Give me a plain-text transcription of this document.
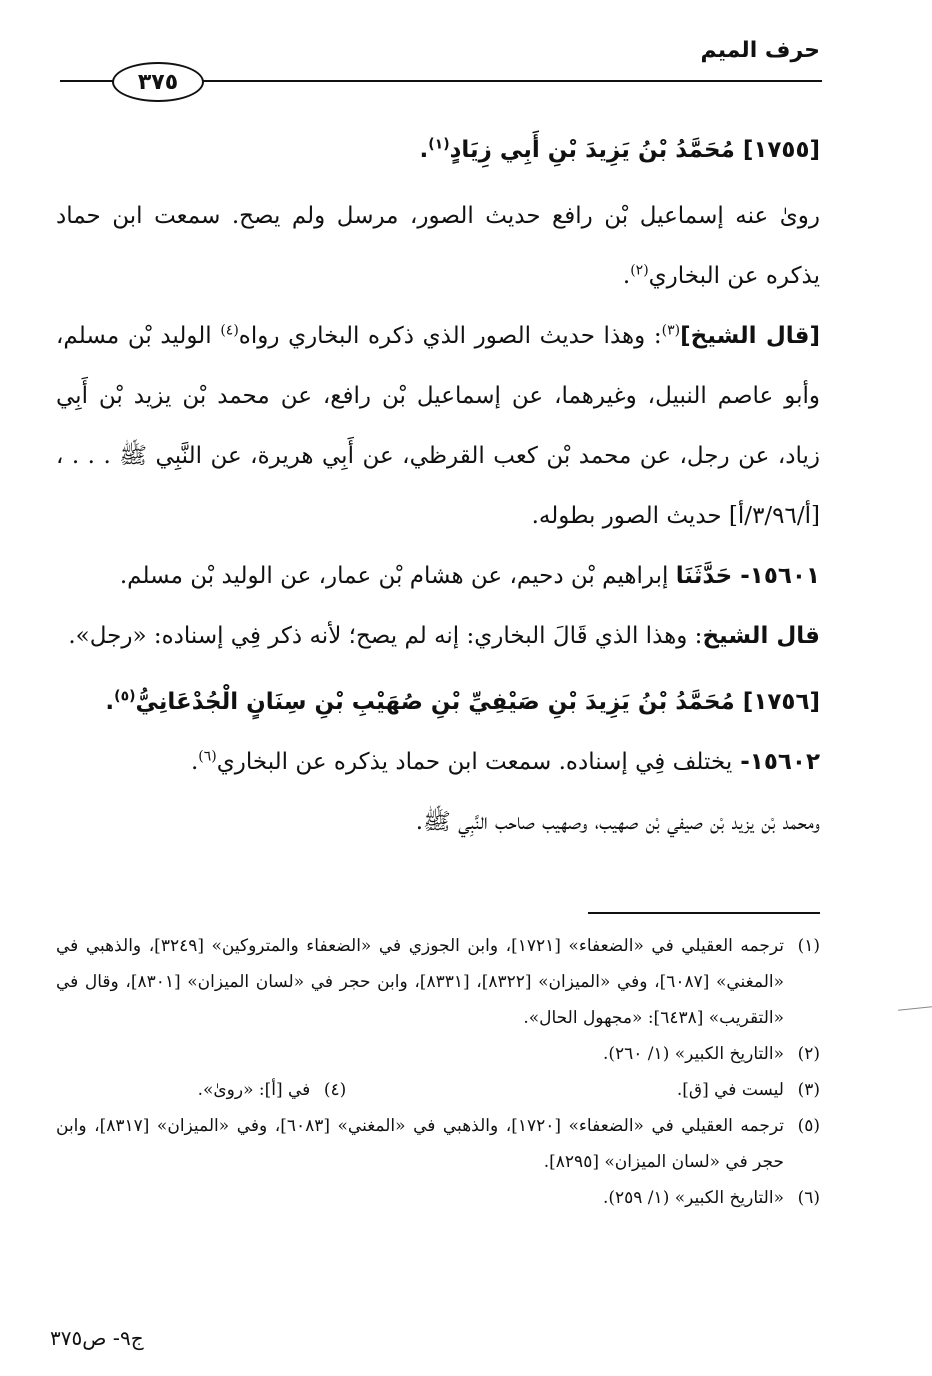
حرف الميم
٣٧٥

[١٧٥٥] مُحَمَّدُ بْنُ يَزِيدَ بْنِ أَبِي زِيَادٍ$^{(١)}$.

روىٰ عنه إسماعيل بْن رافع حديث الصور، مرسل ولم يصح. سمعت ابن حماد يذكره عن البخاري$^{(٢)}$.

[قال الشيخ]$^{(٣)}$: وهذا حديث الصور الذي ذكره البخاري رواه$^{(٤)}$ الوليد بْن مسلم، وأبو عاصم النبيل، وغيرهما، عن إسماعيل بْن رافع، عن محمد بْن يزيد بْن أَبِي زياد، عن رجل، عن محمد بْن كعب القرظي، عن أَبِي هريرة، عن النَّبِي ﷺ . . . ، [أ/٣/٩٦/أ] حديث الصور بطوله.

١٥٦٠١- حَدَّثَنَا إبراهيم بْن دحيم، عن هشام بْن عمار، عن الوليد بْن مسلم.

قال الشيخ: وهذا الذي قَالَ البخاري: إنه لم يصح؛ لأنه ذكر فِي إسناده: «رجل».

[١٧٥٦] مُحَمَّدُ بْنُ يَزِيدَ بْنِ صَيْفِيِّ بْنِ صُهَيْبِ بْنِ سِنَانٍ الْجُدْعَانِيُّ$^{(٥)}$.

١٥٦٠٢- يختلف فِي إسناده. سمعت ابن حماد يذكره عن البخاري$^{(٦)}$.

ومحمد بْن يزيد بْن صيفي بْن صهيب، وصهيب صاحب النَّبِي ﷺ.

(١)
ترجمه العقيلي في «الضعفاء» [١٧٢١]، وابن الجوزي في «الضعفاء والمتروكين» [٣٢٤٩]، والذهبي في «المغني» [٦٠٨٧]، وفي «الميزان» [٨٣٢٢]، [٨٣٣١]، وابن حجر في «لسان الميزان» [٨٣٠١]، وقال في «التقريب» [٦٤٣٨]: «مجهول الحال».
(٢)
«التاريخ الكبير» (١/ ٢٦٠).
(٣)
ليست في [ق].
(٤)
في [أ]: «روىٰ».
(٥)
ترجمه العقيلي في «الضعفاء» [١٧٢٠]، والذهبي في «المغني» [٦٠٨٣]، وفي «الميزان» [٨٣١٧]، وابن حجر في «لسان الميزان» [٨٢٩٥].
(٦)
«التاريخ الكبير» (١/ ٢٥٩).
ج٩- ص٣٧٥
